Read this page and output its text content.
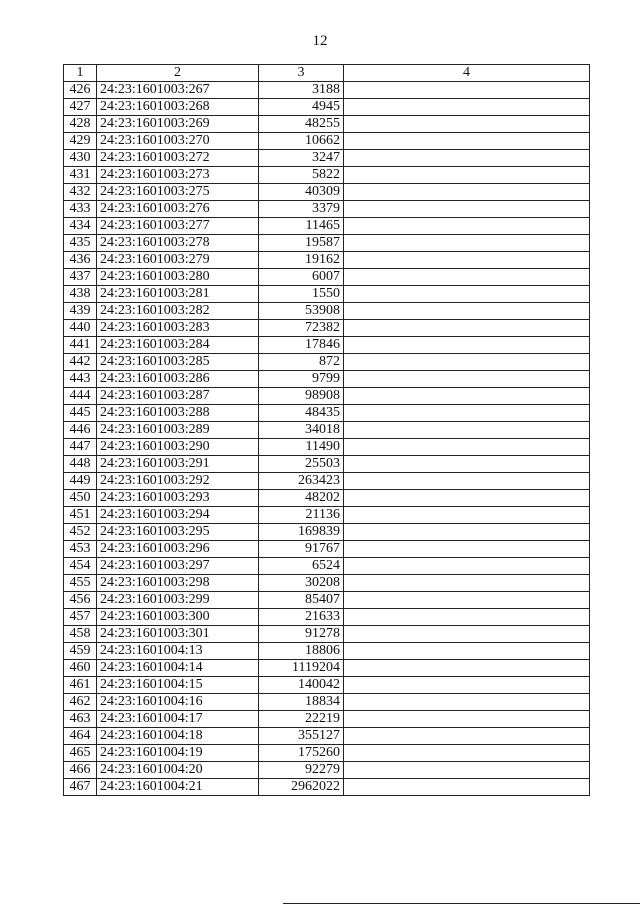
12
1	2	3	4
426	24:23:1601003:267	3188	
427	24:23:1601003:268	4945	
428	24:23:1601003:269	48255	
429	24:23:1601003:270	10662	
430	24:23:1601003:272	3247	
431	24:23:1601003:273	5822	
432	24:23:1601003:275	40309	
433	24:23:1601003:276	3379	
434	24:23:1601003:277	11465	
435	24:23:1601003:278	19587	
436	24:23:1601003:279	19162	
437	24:23:1601003:280	6007	
438	24:23:1601003:281	1550	
439	24:23:1601003:282	53908	
440	24:23:1601003:283	72382	
441	24:23:1601003:284	17846	
442	24:23:1601003:285	872	
443	24:23:1601003:286	9799	
444	24:23:1601003:287	98908	
445	24:23:1601003:288	48435	
446	24:23:1601003:289	34018	
447	24:23:1601003:290	11490	
448	24:23:1601003:291	25503	
449	24:23:1601003:292	263423	
450	24:23:1601003:293	48202	
451	24:23:1601003:294	21136	
452	24:23:1601003:295	169839	
453	24:23:1601003:296	91767	
454	24:23:1601003:297	6524	
455	24:23:1601003:298	30208	
456	24:23:1601003:299	85407	
457	24:23:1601003:300	21633	
458	24:23:1601003:301	91278	
459	24:23:1601004:13	18806	
460	24:23:1601004:14	1119204	
461	24:23:1601004:15	140042	
462	24:23:1601004:16	18834	
463	24:23:1601004:17	22219	
464	24:23:1601004:18	355127	
465	24:23:1601004:19	175260	
466	24:23:1601004:20	92279	
467	24:23:1601004:21	2962022	
